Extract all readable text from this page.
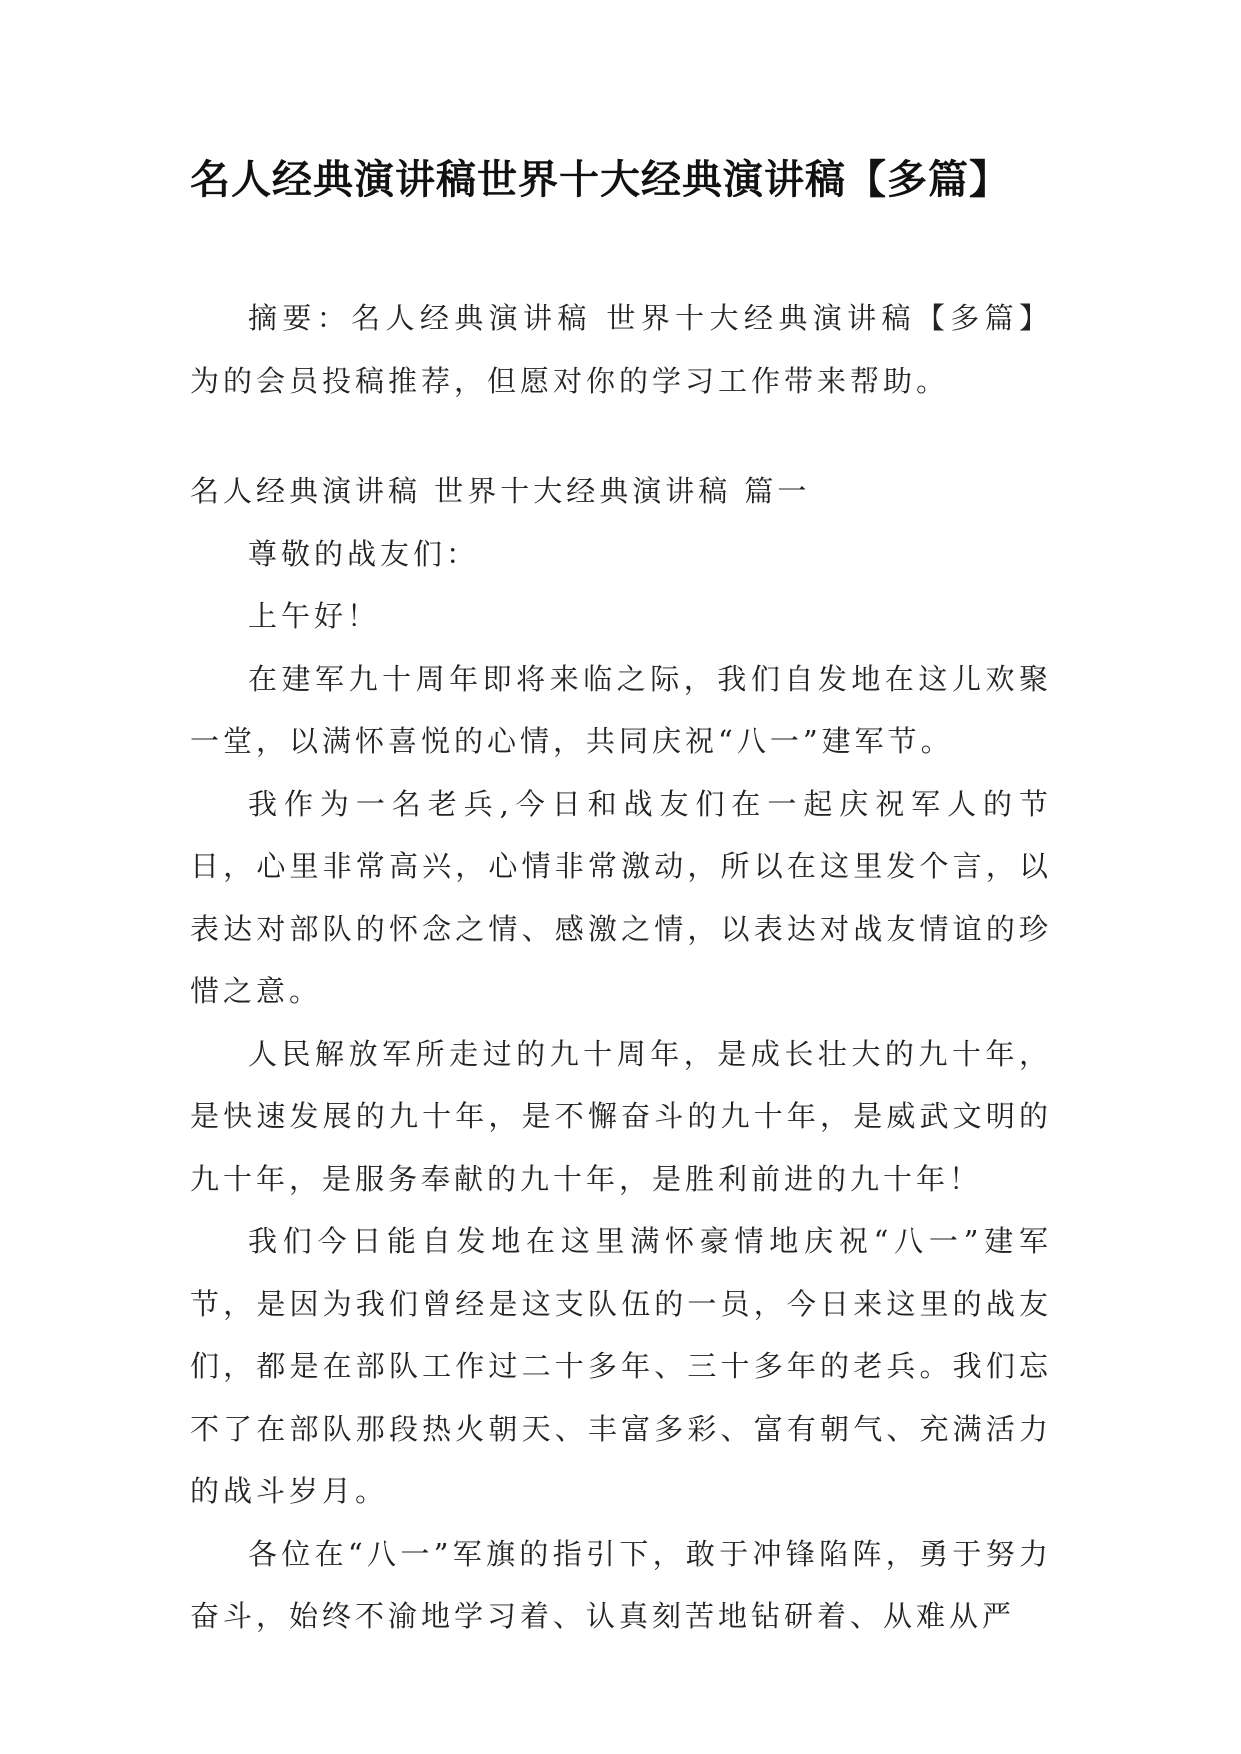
名人经典演讲稿世界十大经典演讲稿【多篇】

摘要：名人经典演讲稿 世界十大经典演讲稿【多篇】为的会员投稿推荐，但愿对你的学习工作带来帮助。

名人经典演讲稿 世界十大经典演讲稿 篇一

尊敬的战友们：

上午好！

在建军九十周年即将来临之际，我们自发地在这儿欢聚一堂，以满怀喜悦的心情，共同庆祝“八一”建军节。

我作为一名老兵,今日和战友们在一起庆祝军人的节日，心里非常高兴，心情非常激动，所以在这里发个言，以表达对部队的怀念之情、感激之情，以表达对战友情谊的珍惜之意。

人民解放军所走过的九十周年，是成长壮大的九十年，是快速发展的九十年，是不懈奋斗的九十年，是威武文明的九十年，是服务奉献的九十年，是胜利前进的九十年！

我们今日能自发地在这里满怀豪情地庆祝“八一”建军节，是因为我们曾经是这支队伍的一员，今日来这里的战友们，都是在部队工作过二十多年、三十多年的老兵。我们忘不了在部队那段热火朝天、丰富多彩、富有朝气、充满活力的战斗岁月。

各位在“八一”军旗的指引下，敢于冲锋陷阵，勇于努力奋斗，始终不渝地学习着、认真刻苦地钻研着、从难从严
